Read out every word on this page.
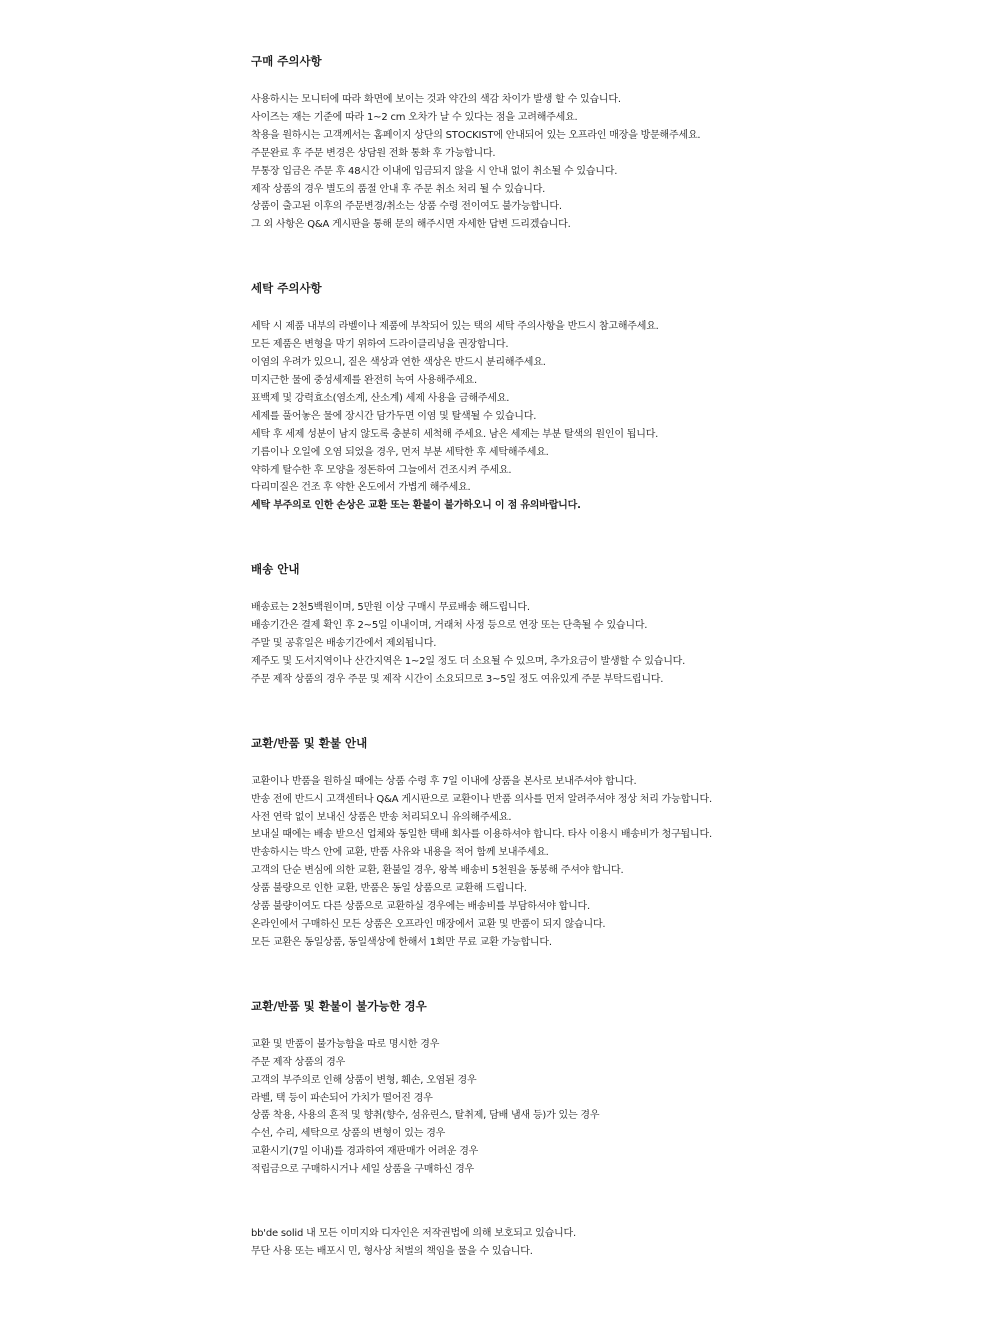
구매 주의사항
사용하시는 모니터에 따라 화면에 보이는 것과 약간의 색감 차이가 발생 할 수 있습니다.
사이즈는 재는 기준에 따라 1~2 cm 오차가 날 수 있다는 점을 고려해주세요.
착용을 원하시는 고객께서는 홈페이지 상단의 STOCKIST에 안내되어 있는 오프라인 매장을 방문해주세요.
주문완료 후 주문 변경은 상담원 전화 통화 후 가능합니다.
무통장 입금은 주문 후 48시간 이내에 입금되지 않을 시 안내 없이 취소될 수 있습니다.
제작 상품의 경우 별도의 품절 안내 후 주문 취소 처리 될 수 있습니다.
상품이 출고된 이후의 주문변경/취소는 상품 수령 전이여도 불가능합니다.
그 외 사항은 Q&A 게시판을 통해 문의 해주시면 자세한 답변 드리겠습니다.
세탁 주의사항
세탁 시 제품 내부의 라벨이나 제품에 부착되어 있는 택의 세탁 주의사항을 반드시 참고해주세요.
모든 제품은 변형을 막기 위하여 드라이클리닝을 권장합니다.
이염의 우려가 있으니, 짙은 색상과 연한 색상은 반드시 분리해주세요.
미지근한 물에 중성세제를 완전히 녹여 사용해주세요.
표백제 및 강력효소(염소계, 산소계) 세제 사용을 금해주세요.
세제를 풀어놓은 물에 장시간 담가두면 이염 및 탈색될 수 있습니다.
세탁 후 세제 성분이 남지 않도록 충분히 세척해 주세요. 남은 세제는 부분 탈색의 원인이 됩니다.
기름이나 오일에 오염 되었을 경우, 먼저 부분 세탁한 후 세탁해주세요.
약하게 탈수한 후 모양을 정돈하여 그늘에서 건조시켜 주세요.
다리미질은 건조 후 약한 온도에서 가볍게 해주세요.
세탁 부주의로 인한 손상은 교환 또는 환불이 불가하오니 이 점 유의바랍니다.
배송 안내
배송료는 2천5백원이며, 5만원 이상 구매시 무료배송 해드립니다.
배송기간은 결제 확인 후 2~5일 이내이며, 거래처 사정 등으로 연장 또는 단축될 수 있습니다.
주말 및 공휴일은 배송기간에서 제외됩니다.
제주도 및 도서지역이나 산간지역은 1~2일 정도 더 소요될 수 있으며, 추가요금이 발생할 수 있습니다.
주문 제작 상품의 경우 주문 및 제작 시간이 소요되므로 3~5일 정도 여유있게 주문 부탁드립니다.
교환/반품 및 환불 안내
교환이나 반품을 원하실 때에는 상품 수령 후 7일 이내에 상품을 본사로 보내주셔야 합니다.
반송 전에 반드시 고객센터나 Q&A 게시판으로 교환이나 반품 의사를 먼저 알려주셔야 정상 처리 가능합니다.
사전 연락 없이 보내신 상품은 반송 처리되오니 유의해주세요.
보내실 때에는 배송 받으신 업체와 동일한 택배 회사를 이용하셔야 합니다. 타사 이용시 배송비가 청구됩니다.
반송하시는 박스 안에 교환, 반품 사유와 내용을 적어 함께 보내주세요.
고객의 단순 변심에 의한 교환, 환불일 경우, 왕복 배송비 5천원을 동봉해 주셔야 합니다.
상품 불량으로 인한 교환, 반품은 동일 상품으로 교환해 드립니다.
상품 불량이여도 다른 상품으로 교환하실 경우에는 배송비를 부담하셔야 합니다.
온라인에서 구매하신 모든 상품은 오프라인 매장에서 교환 및 반품이 되지 않습니다.
모든 교환은 동일상품, 동일색상에 한해서 1회만 무료 교환 가능합니다.
교환/반품 및 환불이 불가능한 경우
교환 및 반품이 불가능함을 따로 명시한 경우
주문 제작 상품의 경우
고객의 부주의로 인해 상품이 변형, 훼손, 오염된 경우
라벨, 택 등이 파손되어 가치가 떨어진 경우
상품 착용, 사용의 흔적 및 향취(향수, 섬유린스, 탈취제, 담배 냄새 등)가 있는 경우
수선, 수리, 세탁으로 상품의 변형이 있는 경우
교환시기(7일 이내)를 경과하여 재판매가 어려운 경우
적립금으로 구매하시거나 세일 상품을 구매하신 경우
bb'de solid 내 모든 이미지와 디자인은 저작권법에 의해 보호되고 있습니다.
무단 사용 또는 배포시 민, 형사상 처벌의 책임을 물을 수 있습니다.
